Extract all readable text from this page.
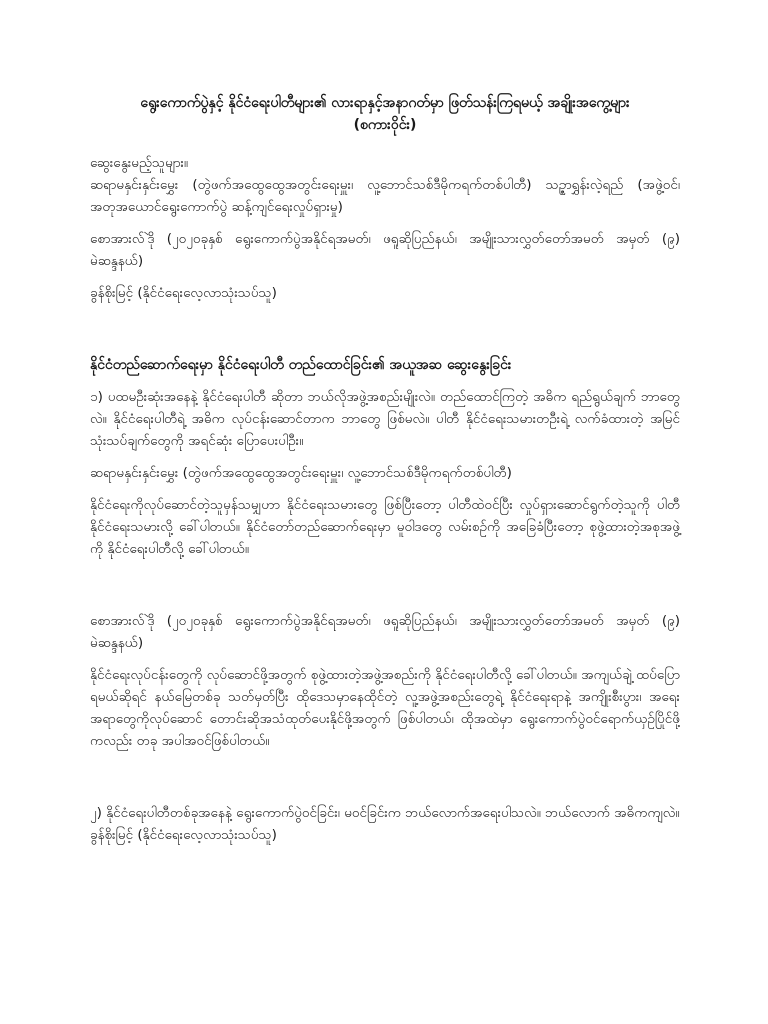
ရွေးကောက်ပွဲနှင့် နိုင်ငံရေးပါတီများ၏ လားရာနှင့်အနာဂတ်မှာ ဖြတ်သန်းကြရမယ့် အချိုးအကွေ့များ
(စကားဝိုင်း)

ဆွေးနွေးမည့်သူများ။

ဆရာမနှင်းနှင်းမွှေး (တွဲဖက်အထွေထွေအတွင်းရေးမှူး၊ လူ့ဘောင်သစ်ဒီမိုကရက်တစ်ပါတီ) သဥ္ဇာရွှန်းလဲ့ရည် (အဖွဲ့ဝင်၊ အတုအယောင်ရွေးကောက်ပွဲ ဆန့်ကျင်ရေးလှုပ်ရှားမှု)

စောအားလ်ဒိုဲ (၂၀၂၀ခုနှစ် ရွေးကောက်ပွဲအနိုင်ရအမတ်၊ ဖရူဆိုပြည်နယ်၊ အမျိုးသားလွှတ်တော်အမတ် အမှတ် (၉) မဲဆန္ဒနယ်)

ခွန်စိုးမြင့် (နိုင်ငံရေးလေ့လာသုံးသပ်သူ)

နိုင်ငံတည်ဆောက်ရေးမှာ နိုင်ငံရေးပါတီ တည်ထောင်ခြင်း၏ အယူအဆ ဆွေးနွေးခြင်း

၁) ပထမဦးဆုံးအနေနဲ့ နိုင်ငံရေးပါတီ ဆိုတာ ဘယ်လိုအဖွဲ့အစည်းမျိုးလဲ။ တည်ထောင်ကြတဲ့ အဓိက ရည်ရွယ်ချက် ဘာတွေလဲ။ နိုင်ငံရေးပါတီရဲ့ အဓိက လုပ်ငန်းဆောင်တာက ဘာတွေ ဖြစ်မလဲ။ ပါတီ နိုင်ငံရေးသမားတဦးရဲ့ လက်ခံထားတဲ့ အမြင်သုံးသပ်ချက်တွေကို အရင်ဆုံး ပြောပေးပါဦး။

ဆရာမနှင်းနှင်းမွှေး (တွဲဖက်အထွေထွေအတွင်းရေးမှူး၊ လူ့ဘောင်သစ်ဒီမိုကရက်တစ်ပါတီ)

နိုင်ငံရေးကိုလုပ်ဆောင်တဲ့သူမှန်သမျှဟာ နိုင်ငံရေးသမားတွေ ဖြစ်ပြီးတော့ ပါတီထဲဝင်ပြီး လှုပ်ရှားဆောင်ရွက်တဲ့သူကို ပါတီနိုင်ငံရေးသမားလို့ ခေါ်ပါတယ်။ နိုင်ငံတော်တည်ဆောက်ရေးမှာ မူဝါဒတွေ လမ်းစဉ်ကို အခြေခံပြီးတော့ စုဖွဲ့ထားတဲ့အစုအဖွဲ့ကို နိုင်ငံရေးပါတီလို့ ခေါ်ပါတယ်။

စောအားလ်ဒိုဲ (၂၀၂၀ခုနှစ် ရွေးကောက်ပွဲအနိုင်ရအမတ်၊ ဖရူဆိုပြည်နယ်၊ အမျိုးသားလွှတ်တော်အမတ် အမှတ် (၉) မဲဆန္ဒနယ်)

နိုင်ငံရေးလုပ်ငန်းတွေကို လုပ်ဆောင်ဖို့အတွက် စုဖွဲ့ထားတဲ့အဖွဲ့အစည်းကို နိုင်ငံရေးပါတီလို့ ခေါ်ပါတယ်။ အကျယ်ချဲ့ ထပ်ပြောရမယ်ဆိုရင် နယ်မြေတစ်ခု သတ်မှတ်ပြီး ထိုဒေသမှာနေထိုင်တဲ့ လူ့အဖွဲ့အစည်းတွေရဲ့ နိုင်ငံရေးရာနဲ့ အကျိုးစီးပွား၊ အရေးအရာတွေကိုလုပ်ဆောင် တောင်းဆိုအသံထုတ်ပေးနိုင်ဖို့အတွက် ဖြစ်ပါတယ်၊ ထိုအထဲမှာ ရွေးကောက်ပွဲဝင်ရောက်ယှဉ်ပြိုင်ဖို့ကလည်း တခု အပါအဝင်ဖြစ်ပါတယ်။

၂) နိုင်ငံရေးပါတီတစ်ခုအနေနဲ့ ရွေးကောက်ပွဲဝင်ခြင်း၊ မဝင်ခြင်းက ဘယ်လောက်အရေးပါသလဲ။ ဘယ်လောက် အဓိကကျလဲ။

ခွန်စိုးမြင့် (နိုင်ငံရေးလေ့လာသုံးသပ်သူ)
